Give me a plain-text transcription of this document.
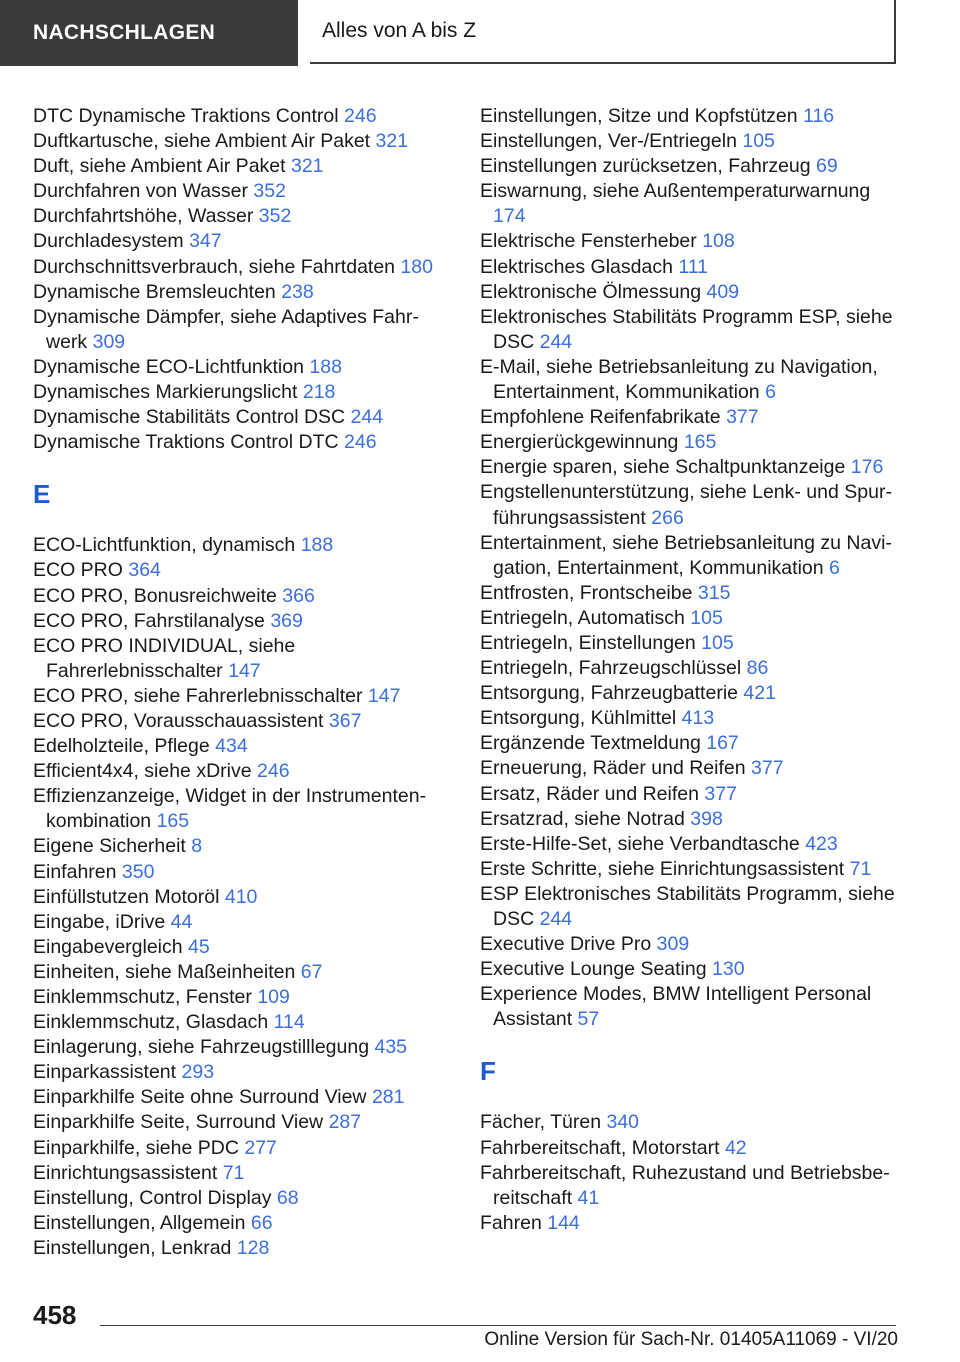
NACHSCHLAGEN	Alles von A bis Z

DTC Dynamische Traktions Control 246

Duftkartusche, siehe Ambient Air Paket 321

Duft, siehe Ambient Air Paket 321

Durchfahren von Wasser 352

Durchfahrtshöhe, Wasser 352

Durchladesystem 347

Durchschnittsverbrauch, siehe Fahrtdaten 180

Dynamische Bremsleuchten 238

Dynamische Dämpfer, siehe Adaptives Fahrwerk 309

Dynamische ECO-Lichtfunktion 188

Dynamisches Markierungslicht 218

Dynamische Stabilitäts Control DSC 244

Dynamische Traktions Control DTC 246

E

ECO-Lichtfunktion, dynamisch 188

ECO PRO 364

ECO PRO, Bonusreichweite 366

ECO PRO, Fahrstilanalyse 369

ECO PRO INDIVIDUAL, siehe Fahrerlebnisschalter 147

ECO PRO, siehe Fahrerlebnisschalter 147

ECO PRO, Vorausschauassistent 367

Edelholzteile, Pflege 434

Efficient4x4, siehe xDrive 246

Effizienzanzeige, Widget in der Instrumentenkombination 165

Eigene Sicherheit 8

Einfahren 350

Einfüllstutzen Motoröl 410

Eingabe, iDrive 44

Eingabevergleich 45

Einheiten, siehe Maßeinheiten 67

Einklemmschutz, Fenster 109

Einklemmschutz, Glasdach 114

Einlagerung, siehe Fahrzeugstilllegung 435

Einparkassistent 293

Einparkhilfe Seite ohne Surround View 281

Einparkhilfe Seite, Surround View 287

Einparkhilfe, siehe PDC 277

Einrichtungsassistent 71

Einstellung, Control Display 68

Einstellungen, Allgemein 66

Einstellungen, Lenkrad 128

Einstellungen, Sitze und Kopfstützen 116

Einstellungen, Ver-/Entriegeln 105

Einstellungen zurücksetzen, Fahrzeug 69

Eiswarnung, siehe Außentemperaturwarnung 174

Elektrische Fensterheber 108

Elektrisches Glasdach 111

Elektronische Ölmessung 409

Elektronisches Stabilitäts Programm ESP, siehe DSC 244

E-Mail, siehe Betriebsanleitung zu Navigation, Entertainment, Kommunikation 6

Empfohlene Reifenfabrikate 377

Energierückgewinnung 165

Energie sparen, siehe Schaltpunktanzeige 176

Engstellenunterstützung, siehe Lenk- und Spurführungsassistent 266

Entertainment, siehe Betriebsanleitung zu Navigation, Entertainment, Kommunikation 6

Entfrosten, Frontscheibe 315

Entriegeln, Automatisch 105

Entriegeln, Einstellungen 105

Entriegeln, Fahrzeugschlüssel 86

Entsorgung, Fahrzeugbatterie 421

Entsorgung, Kühlmittel 413

Ergänzende Textmeldung 167

Erneuerung, Räder und Reifen 377

Ersatz, Räder und Reifen 377

Ersatzrad, siehe Notrad 398

Erste-Hilfe-Set, siehe Verbandtasche 423

Erste Schritte, siehe Einrichtungsassistent 71

ESP Elektronisches Stabilitäts Programm, siehe DSC 244

Executive Drive Pro 309

Executive Lounge Seating 130

Experience Modes, BMW Intelligent Personal Assistant 57

F

Fächer, Türen 340

Fahrbereitschaft, Motorstart 42

Fahrbereitschaft, Ruhezustand und Betriebsbereitschaft 41

Fahren 144

458
Online Version für Sach-Nr. 01405A11069 - VI/20
